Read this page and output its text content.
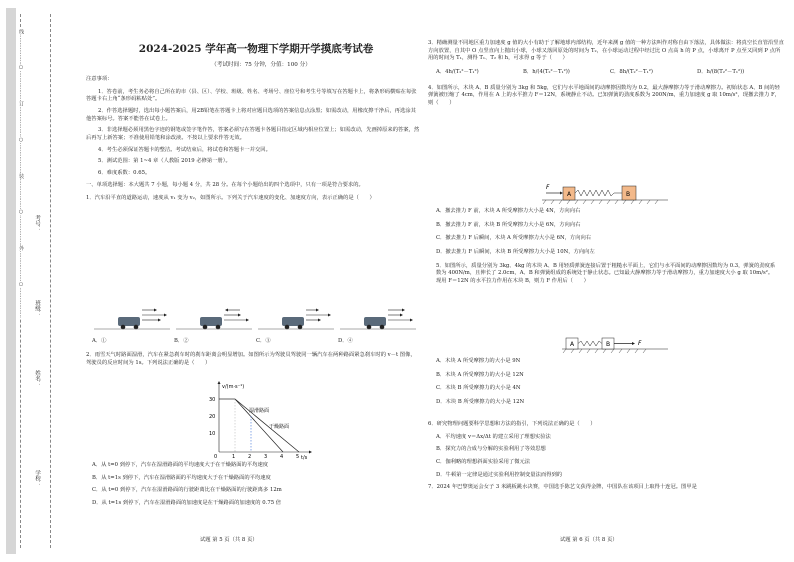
线………………○………………订………………○………………装………………○………………外………………○………………
学校：
姓名：
班级：
考号：
2024-2025 学年高一物理下学期开学摸底考试卷
（考试时间：75 分钟，分值：100 分）

注意事项：

1．答卷前，考生务必将自己所在的市（县、区）、学校、班级、姓名、考场号、座位号和考生号等填写在答题卡上，将条形码横贴在每张答题卡右上角“条形码粘贴处”。

2．作答选择题时，选出每小题答案后，用2B铅笔在答题卡上将对应题目选项的答案信息点涂黑；如需改动，用橡皮擦干净后，再选涂其他答案标号。答案不能答在试卷上。

3．非选择题必须用黑色字迹的钢笔或签字笔作答，答案必须写在答题卡各题目指定区域内相应位置上；如需改动，先画掉原来的答案，然后再写上新答案；不准使用铅笔和涂改液。不按以上要求作答无效。

4．考生必须保证答题卡的整洁。考试结束后，将试卷和答题卡一并交回。

5．测试范围：第 1~4 章（人教版 2019 必修第一册）。

6．难度系数：0.65。

一、单项选择题：本大题共 7 小题，每小题 4 分，共 28 分。在每个小题给出的四个选项中，只有一项是符合要求的。

1．汽车沿平直的道路运动，速度从 v₁ 变为 v₂，如图所示。下列关于汽车速度的变化、加速度方向，表示正确的是（　　）

A．①	B．②	C．③	D．④
2．雨雪天气时路面湿滑，汽车在紧急刹车时的刹车距离会明显增加。如图所示为驾驶员驾驶同一辆汽车在两种路面紧急刹车时的 v－t 图像，驾驶员的反应时间为 1s。下列说法正确的是（　　）
v/(m·s⁻¹)
t/s
30
20
10
0	1	2	3	4	5
湿滑路面
干燥路面

A．从 t=0 到停下，汽车在湿滑路面的平均速度大于在干燥路面的平均速度

B．从 t=1s 到停下，汽车在湿滑路面的平均速度大于在干燥路面的平均速度

C．从 t=0 到停下，汽车在湿滑路面的行驶距离比在干燥路面的行驶距离多 12m

D．从 t=1s 到停下，汽车在湿滑路面的加速度是在干燥路面的加速度的 0.75 倍

试题 第 5 页（共 8 页）

3．精确测量不同地区重力加速度 g 值的大小有助于了解地球内部结构，近年来测 g 值的一种方法叫作对称自由下落法，具体做法：将真空长直管沿竖直方向放置，自其中 O 点竖直向上抛出小球，小球又落回原处的时间为 T₂，在小球运动过程中经过比 O 点高 h 的 P 点，小球离开 P 点至又回到 P 点所用的时间为 T₁，测得 T₁、T₂ 和 h，可求得 g 等于（　　）

A．4h/(T₂²－T₁²)	B．h/(4(T₂²－T₁²))	C．8h/(T₂²－T₁²)	D．h/(8(T₂²－T₁²))

4．如图所示，木块 A、B 质量分别为 3kg 和 5kg，它们与水平地面间的动摩擦因数均为 0.2，最大静摩擦力等于滑动摩擦力。初始状态 A、B 间的轻弹簧被压缩了 4cm，作用在 A 上的水平推力 F＝12N，系统静止不动。已知弹簧的劲度系数为 200N/m，重力加速度 g 取 10m/s²，现撤去推力 F，则（　　）

F
A	B

A．撤去推力 F 前，木块 A 所受摩擦力大小是 4N，方向向右

B．撤去推力 F 前，木块 B 所受摩擦力大小是 6N，方向向右

C．撤去推力 F 后瞬间，木块 A 所受摩擦力大小是 6N，方向向右

D．撤去推力 F 后瞬间，木块 B 所受摩擦力大小是 10N，方向向左

5．如图所示，质量分别为 3kg、4kg 的木块 A、B 用轻质弹簧连接后置于粗糙水平面上，它们与水平面间的动摩擦因数均为 0.3，弹簧的劲度系数为 400N/m，且伸长了 2.0cm，A、B 和弹簧组成的系统处于静止状态。已知最大静摩擦力等于滑动摩擦力，重力加速度大小 g 取 10m/s²。现用 F＝12N 的水平拉力作用在木块 B，则力 F 作用后（　　）

A	B	F

A．木块 A 所受摩擦力的大小是 9N

B．木块 A 所受摩擦力的大小是 12N

C．木块 B 所受摩擦力的大小是 4N

D．木块 B 所受摩擦力的大小是 12N

6．研究物理问题要科学思想和方法的指引，下列说法正确的是（　　）

A．平均速度 v＝Δx/Δt 的建立采用了理想实验法

B．探究力的合成与分解的实验利用了等效思想

C．伽利略的理想斜面实验采用了微元法

D．牛顿第一定律是通过实验利用控制变量法而得到的

7．2024 年巴黎奥运会女子 3 米跳板跳水决赛，中国选手陈艺文获得金牌，中国队在该项目上取得十连冠。图甲是

试题 第 6 页（共 8 页）
